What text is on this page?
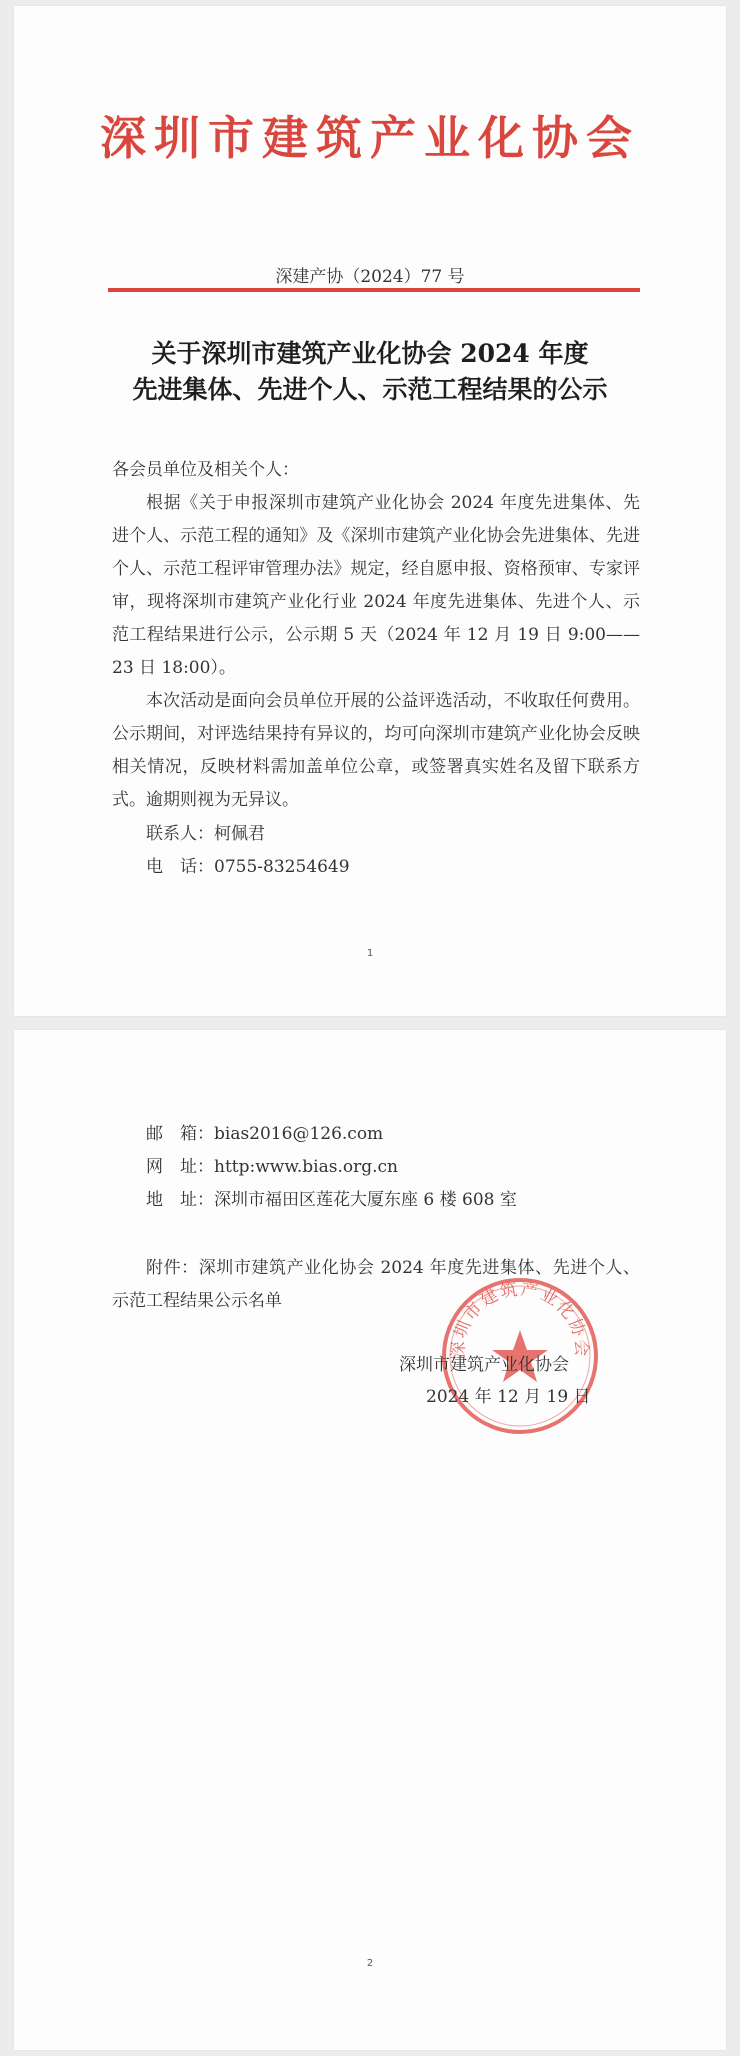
深圳市建筑产业化协会
深建产协（2024）77 号
关于深圳市建筑产业化协会 2024 年度
先进集体、先进个人、示范工程结果的公示
各会员单位及相关个人：
根据《关于申报深圳市建筑产业化协会 2024 年度先进集体、先进个人、示范工程的通知》及《深圳市建筑产业化协会先进集体、先进个人、示范工程评审管理办法》规定，经自愿申报、资格预审、专家评审，现将深圳市建筑产业化行业 2024 年度先进集体、先进个人、示范工程结果进行公示，公示期 5 天（2024 年 12 月 19 日 9:00——23 日 18:00）。
本次活动是面向会员单位开展的公益评选活动，不收取任何费用。公示期间，对评选结果持有异议的，均可向深圳市建筑产业化协会反映相关情况，反映材料需加盖单位公章，或签署真实姓名及留下联系方式。逾期则视为无异议。
联系人：柯佩君
电　话：0755-83254649
1
邮　箱：bias2016@126.com
网　址：http:www.bias.org.cn
地　址：深圳市福田区莲花大厦东座 6 楼 608 室
附件：深圳市建筑产业化协会 2024 年度先进集体、先进个人、示范工程结果公示名单
深圳市建筑产业化协会
深圳市建筑产业化协会
2024 年 12 月 19 日
2
